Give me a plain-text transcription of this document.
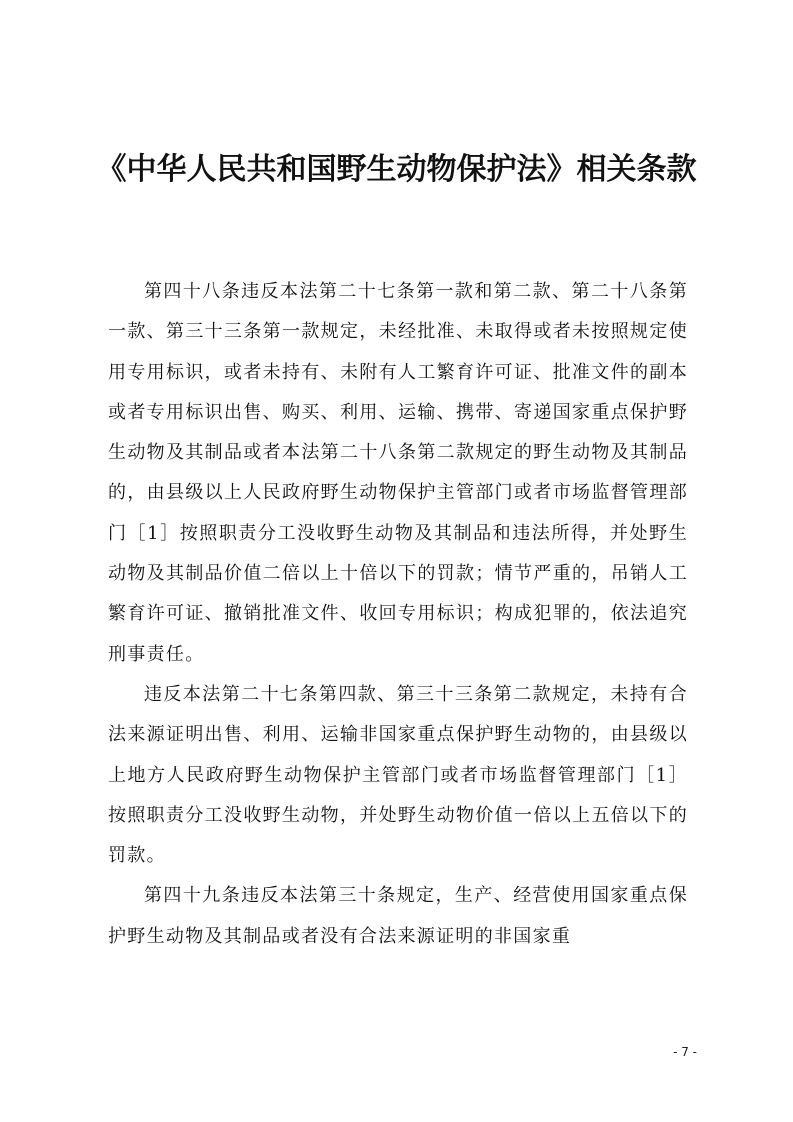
《中华人民共和国野生动物保护法》相关条款

第四十八条违反本法第二十七条第一款和第二款、第二十八条第一款、第三十三条第一款规定，未经批准、未取得或者未按照规定使用专用标识，或者未持有、未附有人工繁育许可证、批准文件的副本或者专用标识出售、购买、利用、运输、携带、寄递国家重点保护野生动物及其制品或者本法第二十八条第二款规定的野生动物及其制品的，由县级以上人民政府野生动物保护主管部门或者市场监督管理部门［1］按照职责分工没收野生动物及其制品和违法所得，并处野生动物及其制品价值二倍以上十倍以下的罚款；情节严重的，吊销人工繁育许可证、撤销批准文件、收回专用标识；构成犯罪的，依法追究刑事责任。

违反本法第二十七条第四款、第三十三条第二款规定，未持有合法来源证明出售、利用、运输非国家重点保护野生动物的，由县级以上地方人民政府野生动物保护主管部门或者市场监督管理部门［1］按照职责分工没收野生动物，并处野生动物价值一倍以上五倍以下的罚款。

第四十九条违反本法第三十条规定，生产、经营使用国家重点保护野生动物及其制品或者没有合法来源证明的非国家重

- 7 -
